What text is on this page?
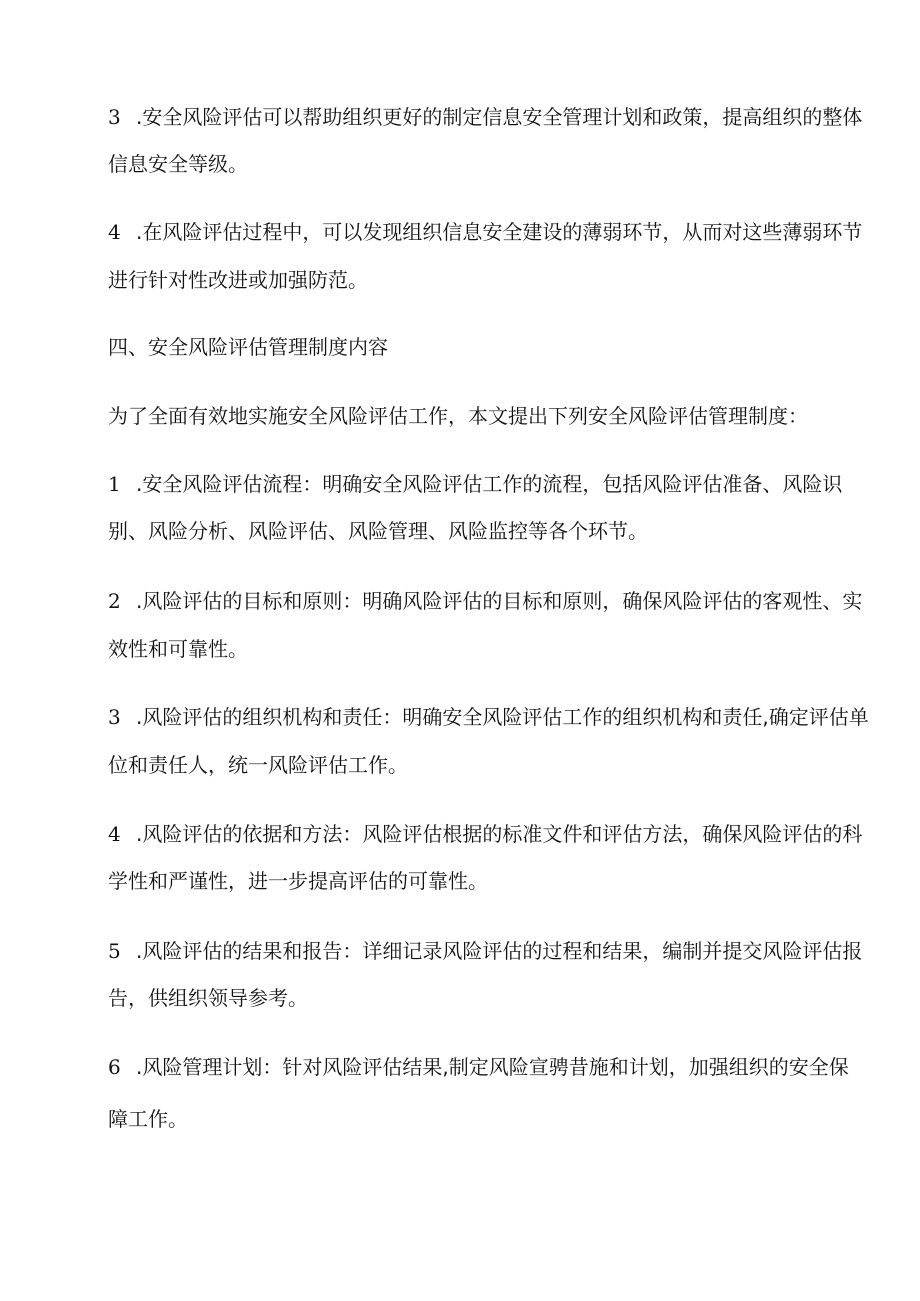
3 .安全风险评估可以帮助组织更好的制定信息安全管理计划和政策，提高组织的整体
信息安全等级。
4 .在风险评估过程中，可以发现组织信息安全建设的薄弱环节，从而对这些薄弱环节
进行针对性改进或加强防范。
四、安全风险评估管理制度内容
为了全面有效地实施安全风险评估工作，本文提出下列安全风险评估管理制度：
1 .安全风险评估流程：明确安全风险评估工作的流程，包括风险评估准备、风险识
别、风险分析、风险评估、风险管理、风险监控等各个环节。
2 .风险评估的目标和原则：明确风险评估的目标和原则，确保风险评估的客观性、实
效性和可靠性。
3 .风险评估的组织机构和责任：明确安全风险评估工作的组织机构和责任,确定评估单
位和责任人，统一风险评估工作。
4 .风险评估的依据和方法：风险评估根据的标准文件和评估方法，确保风险评估的科
学性和严谨性，进一步提高评估的可靠性。
5 .风险评估的结果和报告：详细记录风险评估的过程和结果，编制并提交风险评估报
告，供组织领导参考。
6 .风险管理计划：针对风险评估结果,制定风险宣骋昔施和计划，加强组织的安全保
障工作。
